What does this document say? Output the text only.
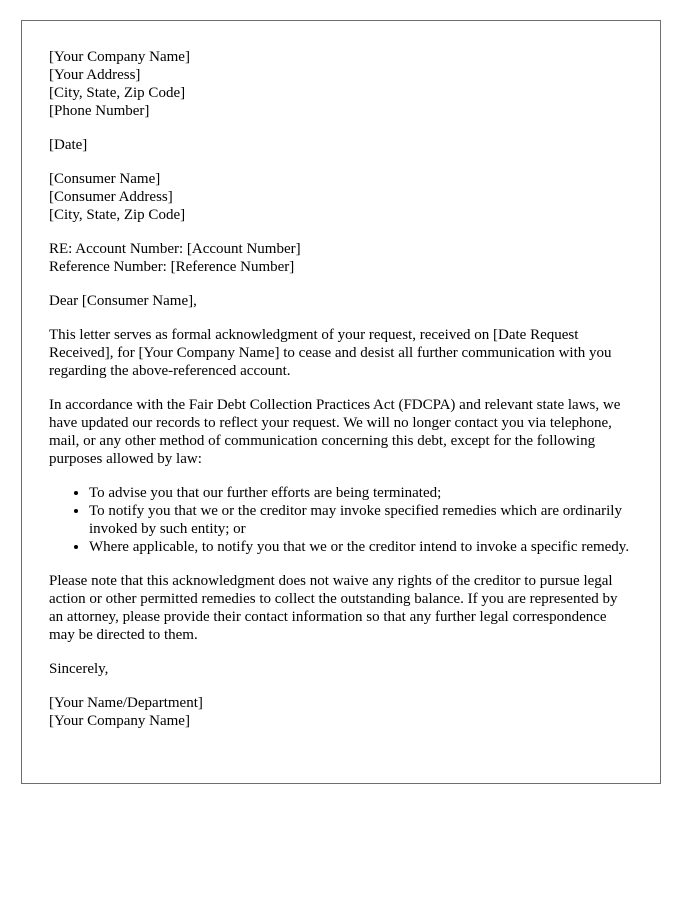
[Your Company Name]
[Your Address]
[City, State, Zip Code]
[Phone Number]
[Date]
[Consumer Name]
[Consumer Address]
[City, State, Zip Code]
RE: Account Number: [Account Number]
Reference Number: [Reference Number]
Dear [Consumer Name],

This letter serves as formal acknowledgment of your request, received on [Date Request Received], for [Your Company Name] to cease and desist all further communication with you regarding the above-referenced account.

In accordance with the Fair Debt Collection Practices Act (FDCPA) and relevant state laws, we have updated our records to reflect your request. We will no longer contact you via telephone, mail, or any other method of communication concerning this debt, except for the following purposes allowed by law:

• To advise you that our further efforts are being terminated;
• To notify you that we or the creditor may invoke specified remedies which are ordinarily invoked by such entity; or
• Where applicable, to notify you that we or the creditor intend to invoke a specific remedy.

Please note that this acknowledgment does not waive any rights of the creditor to pursue legal action or other permitted remedies to collect the outstanding balance. If you are represented by an attorney, please provide their contact information so that any further legal correspondence may be directed to them.

Sincerely,
[Your Name/Department]
[Your Company Name]
